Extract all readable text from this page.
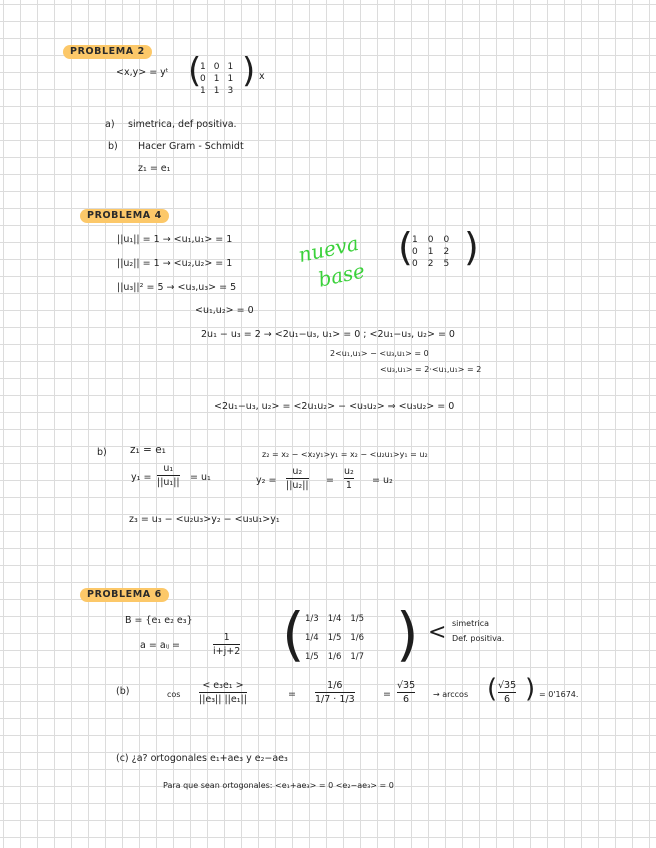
PROBLEMA 2
<x,y> = yᵗ (
1 0 1
0 1 1
1 1 3 ) x
a) simetrica, def positiva.
b) Hacer Gram - Schmidt
z₁ = e₁
PROBLEMA 4
||u₁|| = 1 → <u₁,u₁> = 1
||u₂|| = 1 → <u₂,u₂> = 1
||u₃||² = 5 → <u₃,u₃> = 5
nueva
base
( 1 0 0
0 1 2
0 2 5 )
<u₁,u₂> = 0
2u₁ − u₃ = 2 → <2u₁−u₃, u₁> = 0 ; <2u₁−u₃, u₂> = 0
2<u₁,u₁> − <u₃,u₁> = 0
<u₃,u₁> = 2·<u₁,u₁> = 2
<2u₁−u₃, u₂> = <2u₁u₂> − <u₃u₂> ⇒ <u₃u₂> = 0
b) z₁ = e₁	z₂ = x₂ − <x₂y₁>y₁ = x₂ − <u₂u₁>y₁ = u₂
y₁ =
u₁
||u₁|| = u₁	y₂ =
u₂
||u₂|| =
u₂
1 = u₂
z₃ = u₃ − <u₂u₃>y₂ − <u₃u₁>y₁
PROBLEMA 6
B = {e₁ e₂ e₃}
a = aᵢⱼ =
1
i+j+2 ( 1/3 1/4 1/5
1/4 1/5 1/6
1/5 1/6 1/7 ) < simetrica
Def. positiva.
(b)	cos
< e₃e₁ >
||e₃|| ||e₁||	=
1/6
1/7 · 1/3	=
√35
6	→ arccos ( √35
6 ) = 0'1674.
(c) ¿a? ortogonales e₁+ae₃ y e₂−ae₃
Para que sean ortogonales: <e₁+ae₃> = 0 <e₂−ae₃> = 0
